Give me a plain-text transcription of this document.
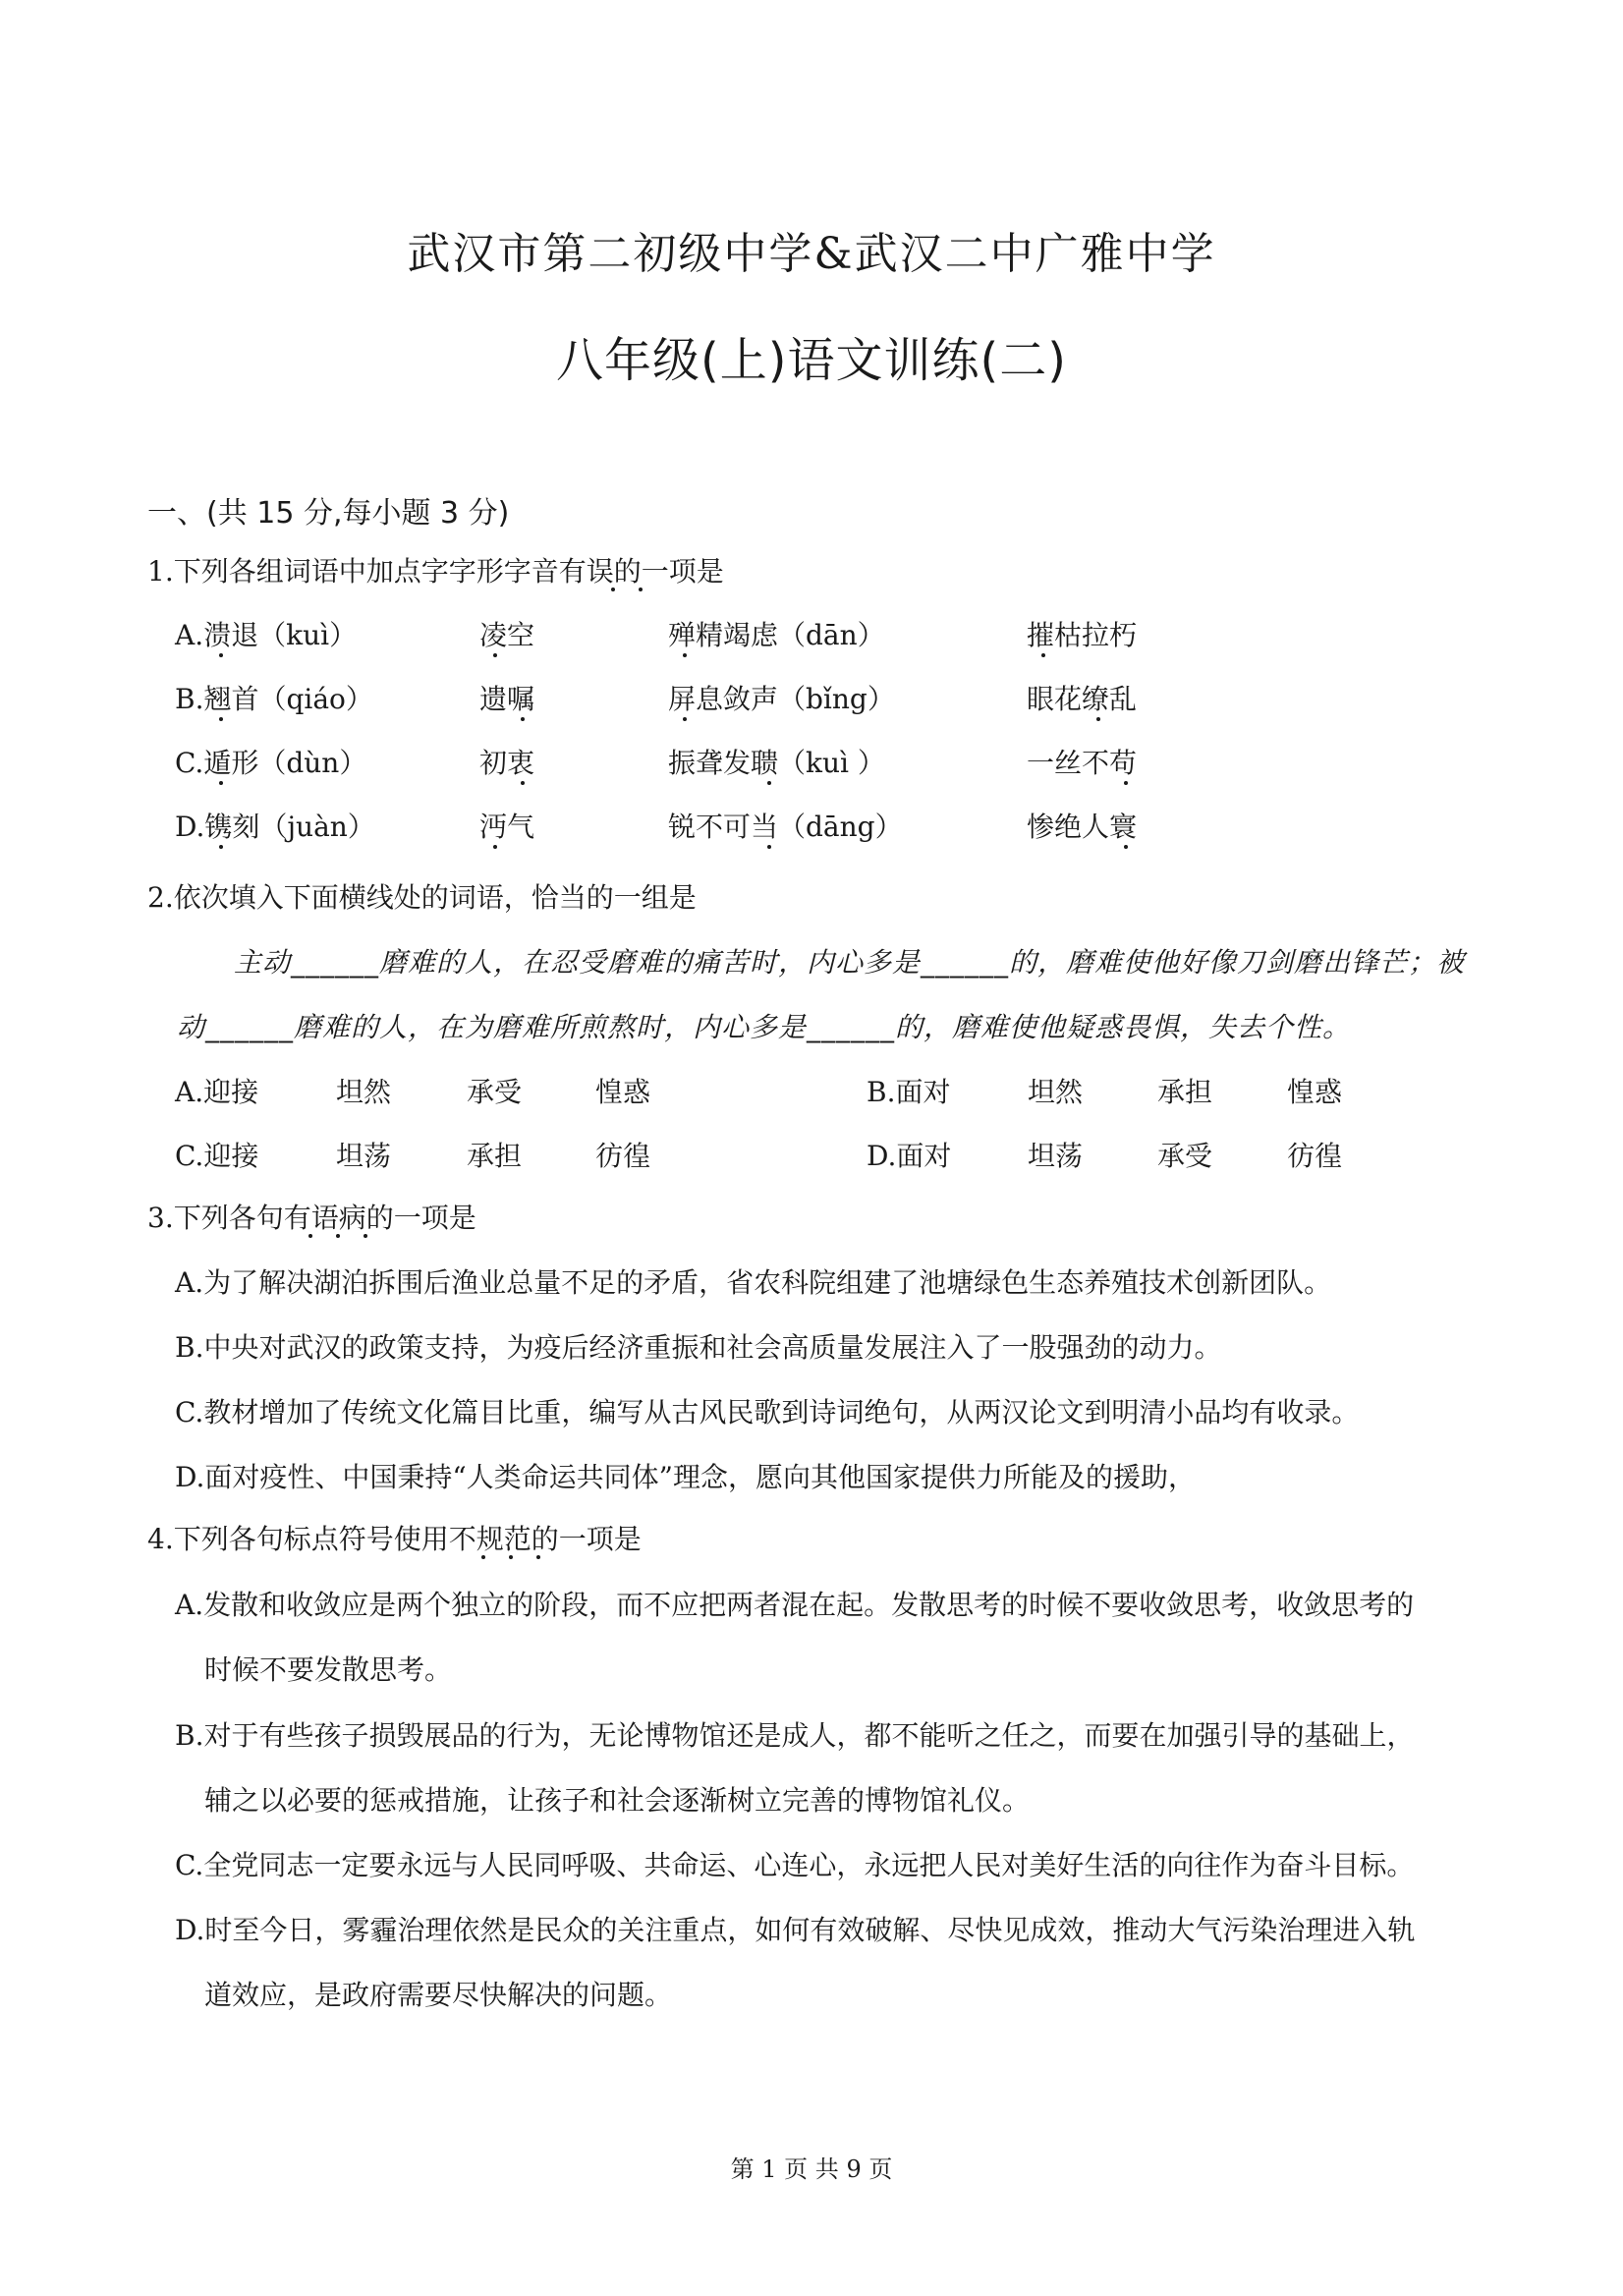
武汉市第二初级中学&武汉二中广雅中学
八年级(上)语文训练(二)
一、(共 15 分,每小题 3 分)
1.下列各组词语中加点字字形字音有误的一项是
A.溃退（kuì）	凌空	殚精竭虑（dān）	摧枯拉朽
B.翘首（qiáo）	遗嘱	屏息敛声（bǐng）	眼花缭乱
C.遁形（dùn）	初衷	振聋发聩（kuì ）	一丝不苟
D.镌刻（juàn）	沔气	锐不可当（dāng）	惨绝人寰
2.依次填入下面横线处的词语，恰当的一组是
主动______磨难的人，在忍受磨难的痛苦时，内心多是______的，磨难使他好像刀剑磨出锋芒；被
动______磨难的人，在为磨难所煎熬时，内心多是______的，磨难使他疑惑畏惧，失去个性。
A.迎接	坦然	承受	惶惑	B.面对	坦然	承担	惶惑
C.迎接	坦荡	承担	彷徨	D.面对	坦荡	承受	彷徨
3.下列各句有语病的一项是
A.为了解决湖泊拆围后渔业总量不足的矛盾，省农科院组建了池塘绿色生态养殖技术创新团队。
B.中央对武汉的政策支持，为疫后经济重振和社会高质量发展注入了一股强劲的动力。
C.教材增加了传统文化篇目比重，编写从古风民歌到诗词绝句，从两汉论文到明清小品均有收录。
D.面对疫性、中国秉持“人类命运共同体”理念，愿向其他国家提供力所能及的援助，
4.下列各句标点符号使用不规范的一项是
A.发散和收敛应是两个独立的阶段，而不应把两者混在起。发散思考的时候不要收敛思考，收敛思考的
时候不要发散思考。
B.对于有些孩子损毁展品的行为，无论博物馆还是成人，都不能听之任之，而要在加强引导的基础上，
辅之以必要的惩戒措施，让孩子和社会逐渐树立完善的博物馆礼仪。
C.全党同志一定要永远与人民同呼吸、共命运、心连心，永远把人民对美好生活的向往作为奋斗目标。
D.时至今日，雾霾治理依然是民众的关注重点，如何有效破解、尽快见成效，推动大气污染治理进入轨
道效应，是政府需要尽快解决的问题。
第 1 页 共 9 页
